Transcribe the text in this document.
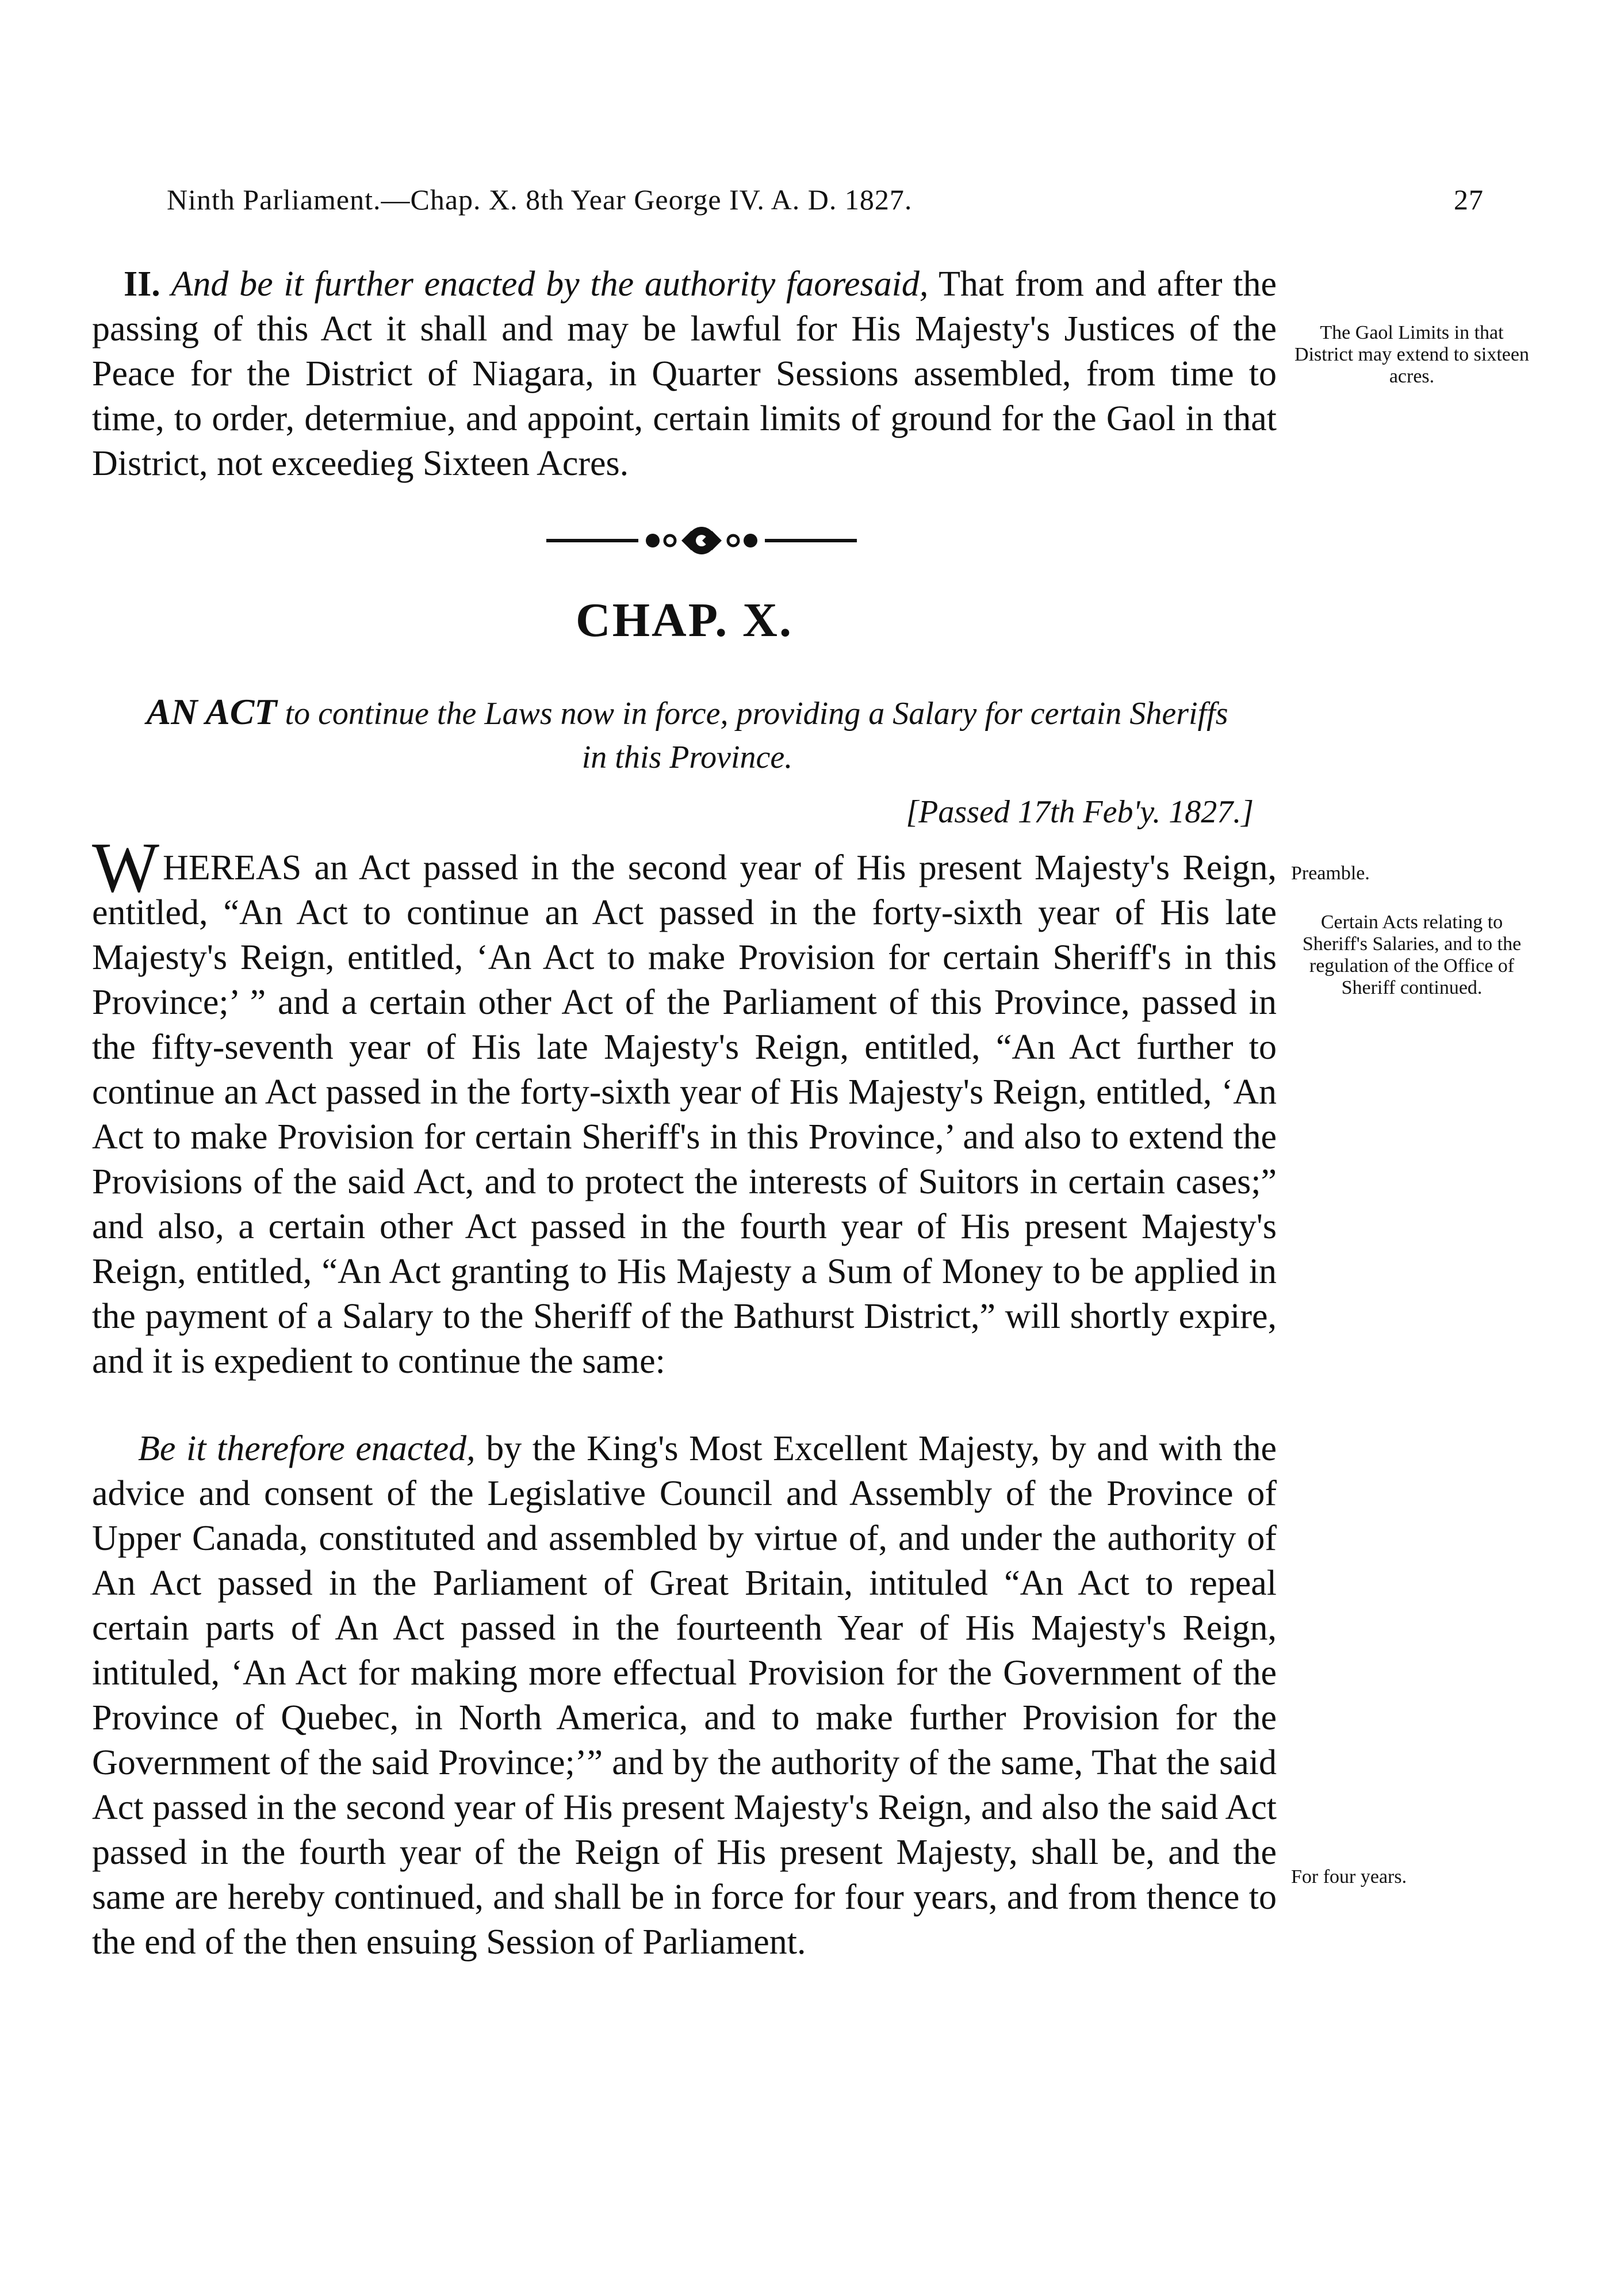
Ninth Parliament.—Chap. X. 8th Year George IV. A. D. 1827.	27

II. And be it further enacted by the authority faoresaid, That from and after the passing of this Act it shall and may be lawful for His Majesty's Justices of the Peace for the District of Niagara, in Quarter Sessions assembled, from time to time, to order, determiue, and appoint, certain limits of ground for the Gaol in that District, not exceedieg Sixteen Acres.

The Gaol Limits in that District may extend to sixteen acres.
CHAP. X.

AN ACT to continue the Laws now in force, providing a Salary for certain Sheriffs in this Province.

[Passed 17th Feb'y. 1827.]

W HEREAS an Act passed in the second year of His present Majesty's Reign, entitled, “An Act to continue an Act passed in the forty-sixth year of His late Majesty's Reign, entitled, ‘An Act to make Provision for certain Sheriff's in this Province;’ ” and a certain other Act of the Parliament of this Province, passed in the fifty-seventh year of His late Majesty's Reign, entitled, “An Act further to continue an Act passed in the forty-sixth year of His Majesty's Reign, entitled, ‘An Act to make Provision for certain Sheriff's in this Province,’ and also to extend the Provisions of the said Act, and to protect the interests of Suitors in certain cases;” and also, a certain other Act passed in the fourth year of His present Majesty's Reign, entitled, “An Act granting to His Majesty a Sum of Money to be applied in the payment of a Salary to the Sheriff of the Bathurst District,” will shortly expire, and it is expedient to continue the same:

Preamble.
Certain Acts relating to Sheriff's Salaries, and to the regulation of the Office of Sheriff continued.

Be it therefore enacted, by the King's Most Excellent Majesty, by and with the advice and consent of the Legislative Council and Assembly of the Province of Upper Canada, constituted and assembled by virtue of, and under the authority of An Act passed in the Parliament of Great Britain, intituled “An Act to repeal certain parts of An Act passed in the fourteenth Year of His Majesty's Reign, intituled, ‘An Act for making more effectual Provision for the Government of the Province of Quebec, in North America, and to make further Provision for the Government of the said Province;’” and by the authority of the same, That the said Act passed in the second year of His present Majesty's Reign, and also the said Act passed in the fourth year of the Reign of His present Majesty, shall be, and the same are hereby continued, and shall be in force for four years, and from thence to the end of the then ensuing Session of Parliament.

For four years.
